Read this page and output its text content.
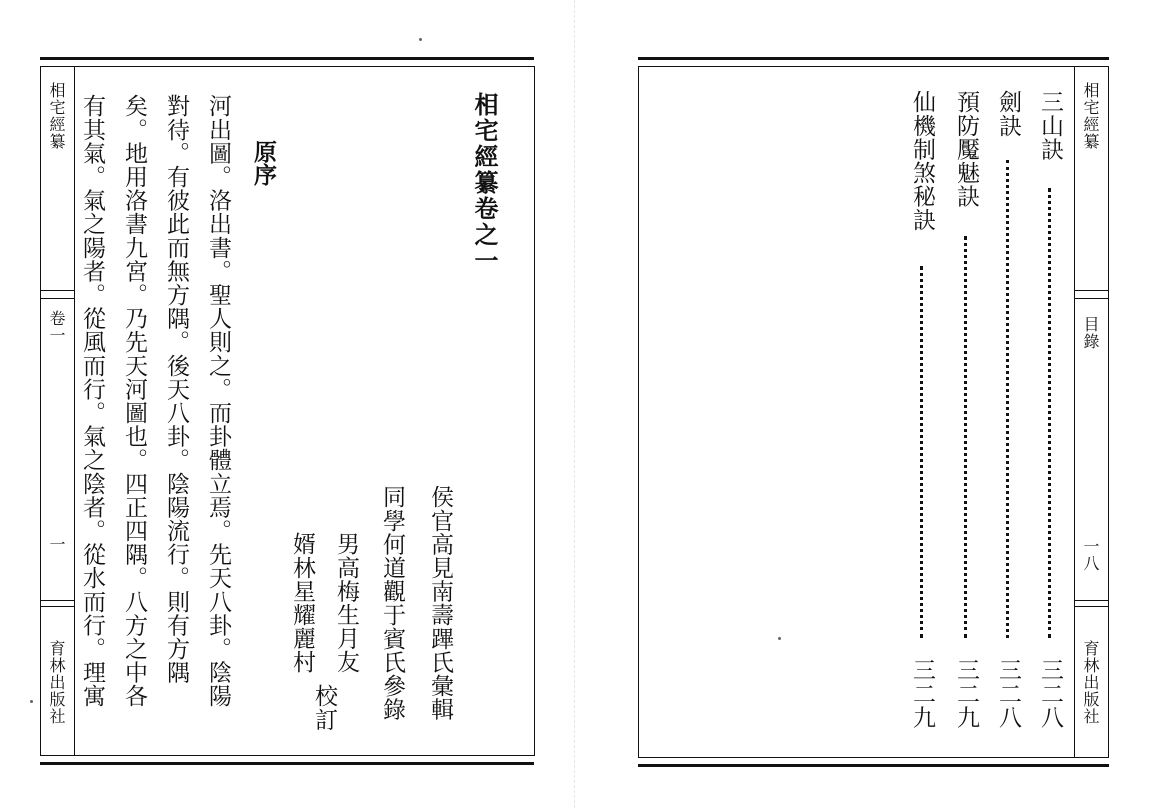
相宅經纂
卷一
一
育林出版社
相宅經纂卷之一
侯官高見南壽蹕氏彙輯
同學何道觀于賓氏參錄
男高梅生月友
婿林星耀麗村
校訂
原序
河出圖。洛出書。聖人則之。而卦體立焉。先天八卦。陰陽
對待。有彼此而無方隅。後天八卦。陰陽流行。則有方隅
矣。地用洛書九宮。乃先天河圖也。四正四隅。八方之中各
有其氣。氣之陽者。從風而行。氣之陰者。從水而行。理寓	相宅經纂
目錄
一八
育林出版社
三山訣
三二八
劍訣
三二八
預防魘魅訣
三二九
仙機制煞秘訣
三二九
